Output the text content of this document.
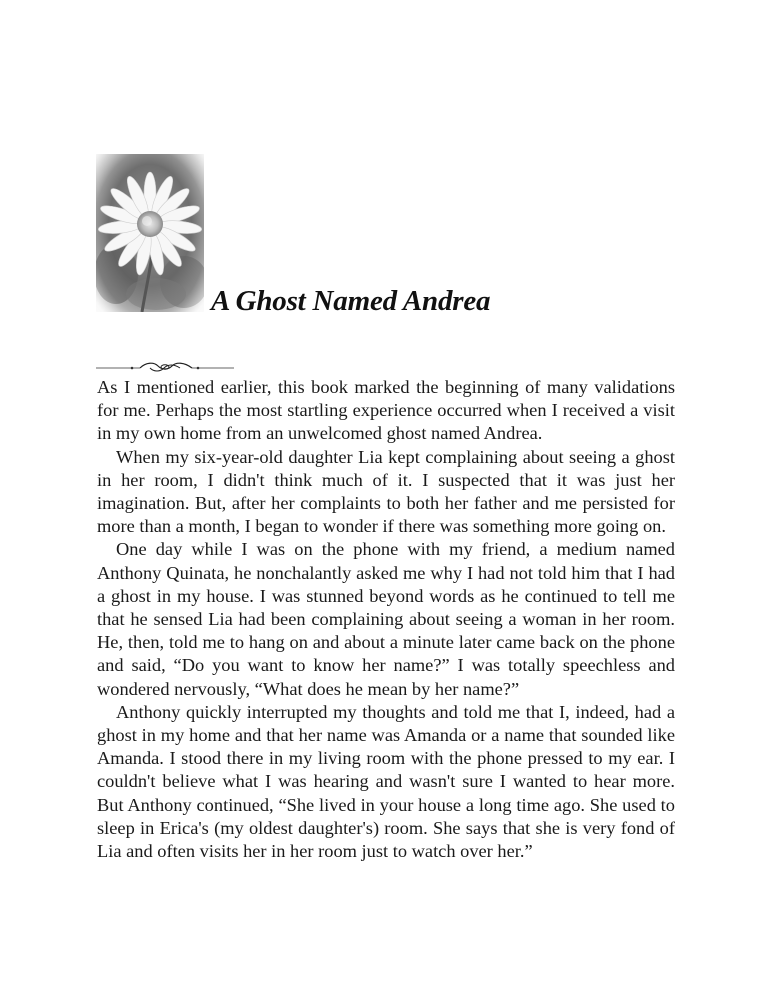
A Ghost Named Andrea

As I mentioned earlier, this book marked the beginning of many validations for me. Perhaps the most startling experience occurred when I received a visit in my own home from an unwelcomed ghost named Andrea.

When my six-year-old daughter Lia kept complaining about seeing a ghost in her room, I didn't think much of it. I suspected that it was just her imagination. But, after her complaints to both her father and me persisted for more than a month, I began to wonder if there was something more going on.

One day while I was on the phone with my friend, a medium named Anthony Quinata, he nonchalantly asked me why I had not told him that I had a ghost in my house. I was stunned beyond words as he continued to tell me that he sensed Lia had been complaining about seeing a woman in her room. He, then, told me to hang on and about a minute later came back on the phone and said, “Do you want to know her name?” I was totally speechless and wondered nervously, “What does he mean by her name?”

Anthony quickly interrupted my thoughts and told me that I, indeed, had a ghost in my home and that her name was Amanda or a name that sounded like Amanda. I stood there in my living room with the phone pressed to my ear. I couldn't believe what I was hearing and wasn't sure I wanted to hear more. But Anthony continued, “She lived in your house a long time ago. She used to sleep in Erica's (my oldest daughter's) room. She says that she is very fond of Lia and often visits her in her room just to watch over her.”
